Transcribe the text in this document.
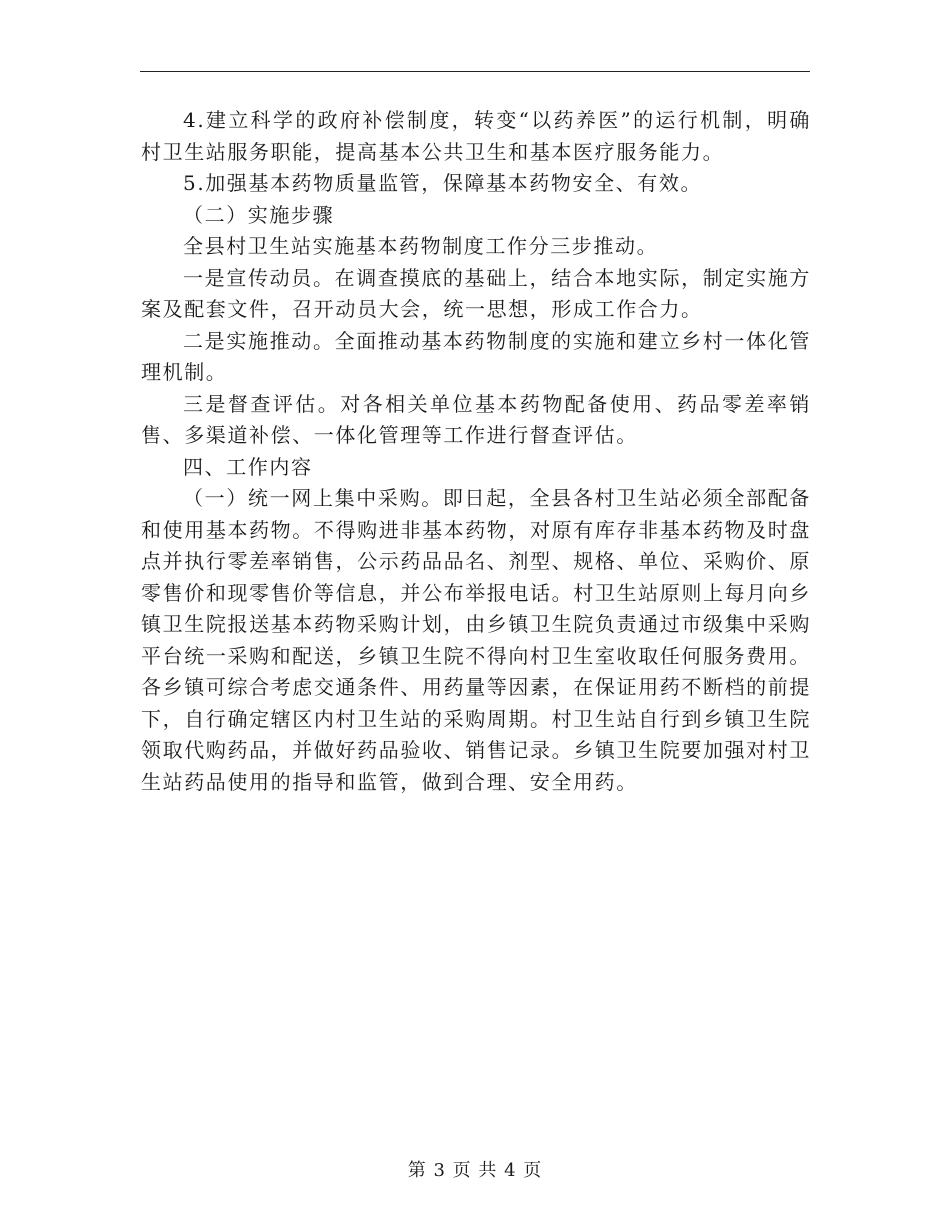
4.建立科学的政府补偿制度，转变“以药养医”的运行机制，明确村卫生站服务职能，提高基本公共卫生和基本医疗服务能力。

5.加强基本药物质量监管，保障基本药物安全、有效。

（二）实施步骤

全县村卫生站实施基本药物制度工作分三步推动。

一是宣传动员。在调查摸底的基础上，结合本地实际，制定实施方案及配套文件，召开动员大会，统一思想，形成工作合力。

二是实施推动。全面推动基本药物制度的实施和建立乡村一体化管理机制。

三是督查评估。对各相关单位基本药物配备使用、药品零差率销售、多渠道补偿、一体化管理等工作进行督查评估。

四、工作内容

（一）统一网上集中采购。即日起，全县各村卫生站必须全部配备和使用基本药物。不得购进非基本药物，对原有库存非基本药物及时盘点并执行零差率销售，公示药品品名、剂型、规格、单位、采购价、原零售价和现零售价等信息，并公布举报电话。村卫生站原则上每月向乡镇卫生院报送基本药物采购计划，由乡镇卫生院负责通过市级集中采购平台统一采购和配送，乡镇卫生院不得向村卫生室收取任何服务费用。各乡镇可综合考虑交通条件、用药量等因素，在保证用药不断档的前提下，自行确定辖区内村卫生站的采购周期。村卫生站自行到乡镇卫生院领取代购药品，并做好药品验收、销售记录。乡镇卫生院要加强对村卫生站药品使用的指导和监管，做到合理、安全用药。

第 3 页 共 4 页
